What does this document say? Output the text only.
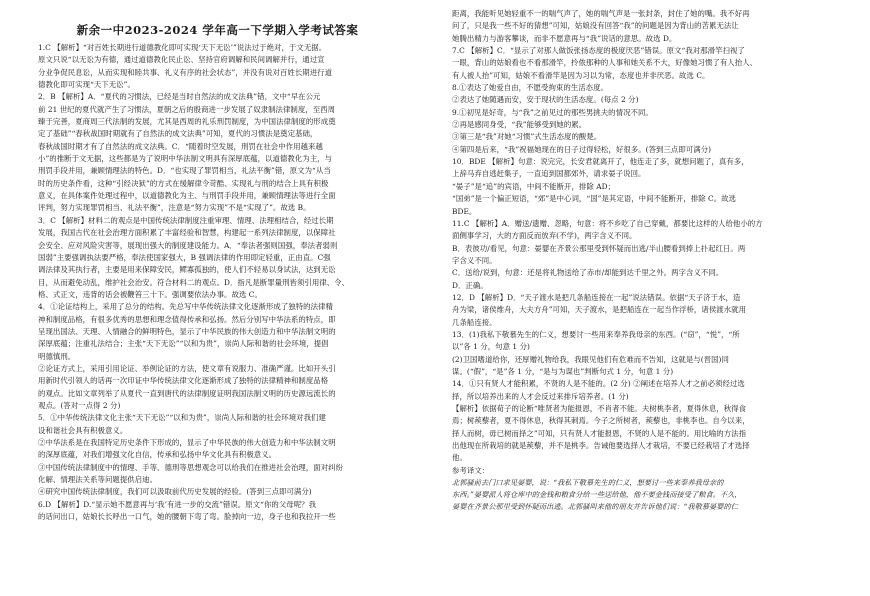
新余一中2023-2024 学年高一下学期入学考试答案
1.C 【解析】“对百姓长期进行道德教化即可实现‘天下无讼’”说法过于绝对，于文无据。
原文只说“以无讼为有德，通过道德教化民止讼、坚持官府调解和民间调解并行，通过宣
分业争促民息讼，从而实现和睦共事、礼义有序的社会状态”，并没有说对百姓长期进行道
德教化即可实现“天下无讼”。
2．B 【解析】A．“夏代的习惯法，已经是当时自然法的成文法典”错，文中“早在公元
前 21 世纪的夏代就产生了习惯法，夏朝之后的殷商进一步发展了奴隶制法律制度，至西周
臻于完善，夏商周三代法制的发展，尤其是西周的礼乐刑罚制度，为中国法律制度的形成奠
定了基础”“春秋战国时期就有了自然法的成文法典”可知，夏代的习惯法是奠定基础，
春秋战国时期才有了自然法的成文法典。C．“随着时空发展，刑罚在社会中作用越来越
小”的推断于文无据，这些都是为了说明中华法制文明具有深厚底蕴，以道德教化为主，与
刑罚手段并用，兼顾情理法的特色。D．“也实现了罪罚相当，礼法平衡”错，原文为“从当
时的历史条件看，这种“引经决狱”的方式在缓解律令苛酷、实现礼与刑的结合上具有积极
意义，在具体案件处理过程中，以道德教化为主、与刑罚手段并用，兼顾情理法等进行全面
评判，努力实现罪罚相当、礼法平衡”，注意是“努力实现”不是“实现了”。故选 B。
3．C 【解析】材料二的观点是中国传统法律制度注重审理、情理、法理相结合，经过长期
发展，我国古代在社会治理方面积累了丰富经验和智慧，构建起一系列法律制度，以保障社
会安全、应对风险灾害等，展现出强大的制度建设能力。A．“奉法者强则国强，奉法者弱则
国弱”主要强调执法要严格，奉法使国家强大，B 强调法律的作用即定轻重，正由直。C强
调法律及其执行者，主要是用来保障安民，鳏寡孤独的，使人们不轻易以身试法，达到无讼
目，从而避免动乱，维护社会治安。符合材料二的观点。D．指凡是断罪量刑皆须引用律、令、
格、式正文，违背的话会被鞭笞三十下。强调要依法办事。故选 C。
4．①论证结构上，采用了总分的结构。先总写中华传统法律文化逐渐形成了独特的法律精
神和制度品格，有很多优秀的思想和理念值得传承和弘扬。然后分别写中华法系的特点，即
呈现出国法、天理、人情融合的鲜明特色，显示了中华民族的伟大创造力和中华法制文明的
深厚底蕴；注重礼法结合；主张“天下无讼”“以和为贵”，崇尚人际和谐的社会环境，提倡
明德慎刑。
②论证方式上，采用引用论证、举例论证的方法，使文章有说服力、准确严谨。比如开头引
用新时代引领人的话再一次印证中华传统法律文化逐渐形成了独特的法律精神和制度品格
的观点。比如文章列举了从夏代一直到唐代的法律制度证明我国法制文明的历史源远流长的
观点。(答对一点得 2 分)
5．①中华传统法律文化主张“天下无讼”“以和为贵”，崇尚人际和谐的社会环境对我们建
设和谐社会具有积极意义。
②中华法系是在我国特定历史条件下形成的，显示了中华民族的伟大创造力和中华法制文明
的深厚底蕴，对我们增强文化自信，传承和弘扬中华文化具有积极意义。
③中国传统法律制度中的情理、手等、德刑等思想观念可以给我们在推进社会治理，面对纠纷
化解、情理法关系等问题提供启迪。
④研究中国传统法律制度，我们可以汲取前代历史发展的经验。(答到三点即可满分)
6.D 【解析】D.“显示她不愿意再与‘我’有进一步的交流”错误。原文“你的父母呢？我
的话问出口，姑娘长长呼出一口气，她的腰朝下弯了弯。脸掉向一边，身子也和我拉开一些
距离，我能听见她轻重不一的喘气声了，她的喘气声是一张封条，封住了她的嘴。我不好再
问了，只是我一些不好的猜想”可知，姑娘没有回答“我”的问题是因为背山的苦累无法让
她腾出精力与游客攀谈，而非不愿意再与“我”说话的意思。故选 D。
7.C 【解析】C．“显示了对那人做饭张扬态度的极度厌恶”错误。原文“我对那滑竿扫视了
一眼，背山的姑娘看也不看那滑竿，拎侬那种的人事和她关系不大，好像她习惯了有人抬人、
有人被人抬”可知，姑娘不看滑竿是因为习以为常，态度也并非厌恶。故选 C。
8.①表达了她爱自由，不愿受拘束的生活态度。
②表达了她随遇而安，安于现状的生活态度。(每点 2 分)
9.①初见是好奇，与“我”之前见过的那些男挑夫的情况不同。
②再是感同身受，“我”能够受到她的累。
③第三是“我”对她“习惯”式生活态度的酸楚。
④第四是后来，“我”祝福她现在的日子过得轻松，好很多。(答到三点即可满分)
10．BDE 【解析】句意：说完完，长安君就离开了，他连走了多，就想问题了，真有多，
上辞马弃自逃赶集子，一直追到国都郊外，请求晏子说回。
“晏子”是“追”的宾语，中间不能断开，排除 AD；
“国弟”是一个偏正短语，“郊”是中心词，“国”是其定语，中间不能断开，排除 C。故选
BDE。
11.C 【解析】A．赠送/遗赠、忽略，句意：将不乡吃了自己穿戴，都要比这样的人给他小的方
面侧事学习，大的方面反而放弃(不学)，两字含义不同。
B．表彼功/看见，句意：晏婴在齐景公那里受到怀疑而出逃/半山腰看到捧上扑起红日。两
字含义不同。
C．送给/说到，句意：还是将礼物送给了赤市/却能到达千里之外。两字含义不同。
D．正确。
12．D 【解析】D．“天子渡水是把几条船连接在一起”说法错误。依据“天子济于水，造
舟为梁，诸侯维舟，大夫方舟”可知，天子渡水，是把船连在一起当作浮桥，诸侯渡水就用
几条船连接。
13．(1)我私下敬慕先生的仁义，想要讨一些用来奉养我母亲的东西。(“窃”，“悦”，“所
以”各 1 分，句意 1 分)
(2)卫国嗜道给你，还厚赠礼物给我，我眼见他们有危难而不告知，这就是与(晋国)同
谋。(“假”，“是”各 1 分，“是与为谋也”判断句式 1 分，句意 1 分)
14．①只有贤人才能积累，不贤的人是不能的。(2 分) ②阐述在培养人才之前必须经过选
择，所以培养出来的人才会反过来排斥培养者。(1 分)
【解析】依据荀子的论断“唯贤者为能报恩，不肖者不能。夫树桃李者，夏得休息，秋得食
焉；树蒺藜者，夏不得休息，秋得其刺焉。今子之所树者，蒺藜也，非桃李也。自今以来，
择人而树，毋已树而择之”可知，只有贤人才能报恩，不贤的人是不能的。用比喻的方法指
出他现在所栽培的就是蒺藜，并不是桃李。告诫他要选择人才栽培，不要已经栽培了才选择
他。
参考译文：
北郭骚前去门口求见晏婴，说：“我私下敬慕先生的仁义，想要讨一些来奉养我母亲的
东西。”晏婴派人将仓库中的金钱和粮食分给一些送给他，他不要金钱而接受了粮食。不久，
晏婴在齐景公那里受到怀疑而出逃。北郭骚叫来他的朋友并告诉他们说：“我敬慕晏婴的仁
